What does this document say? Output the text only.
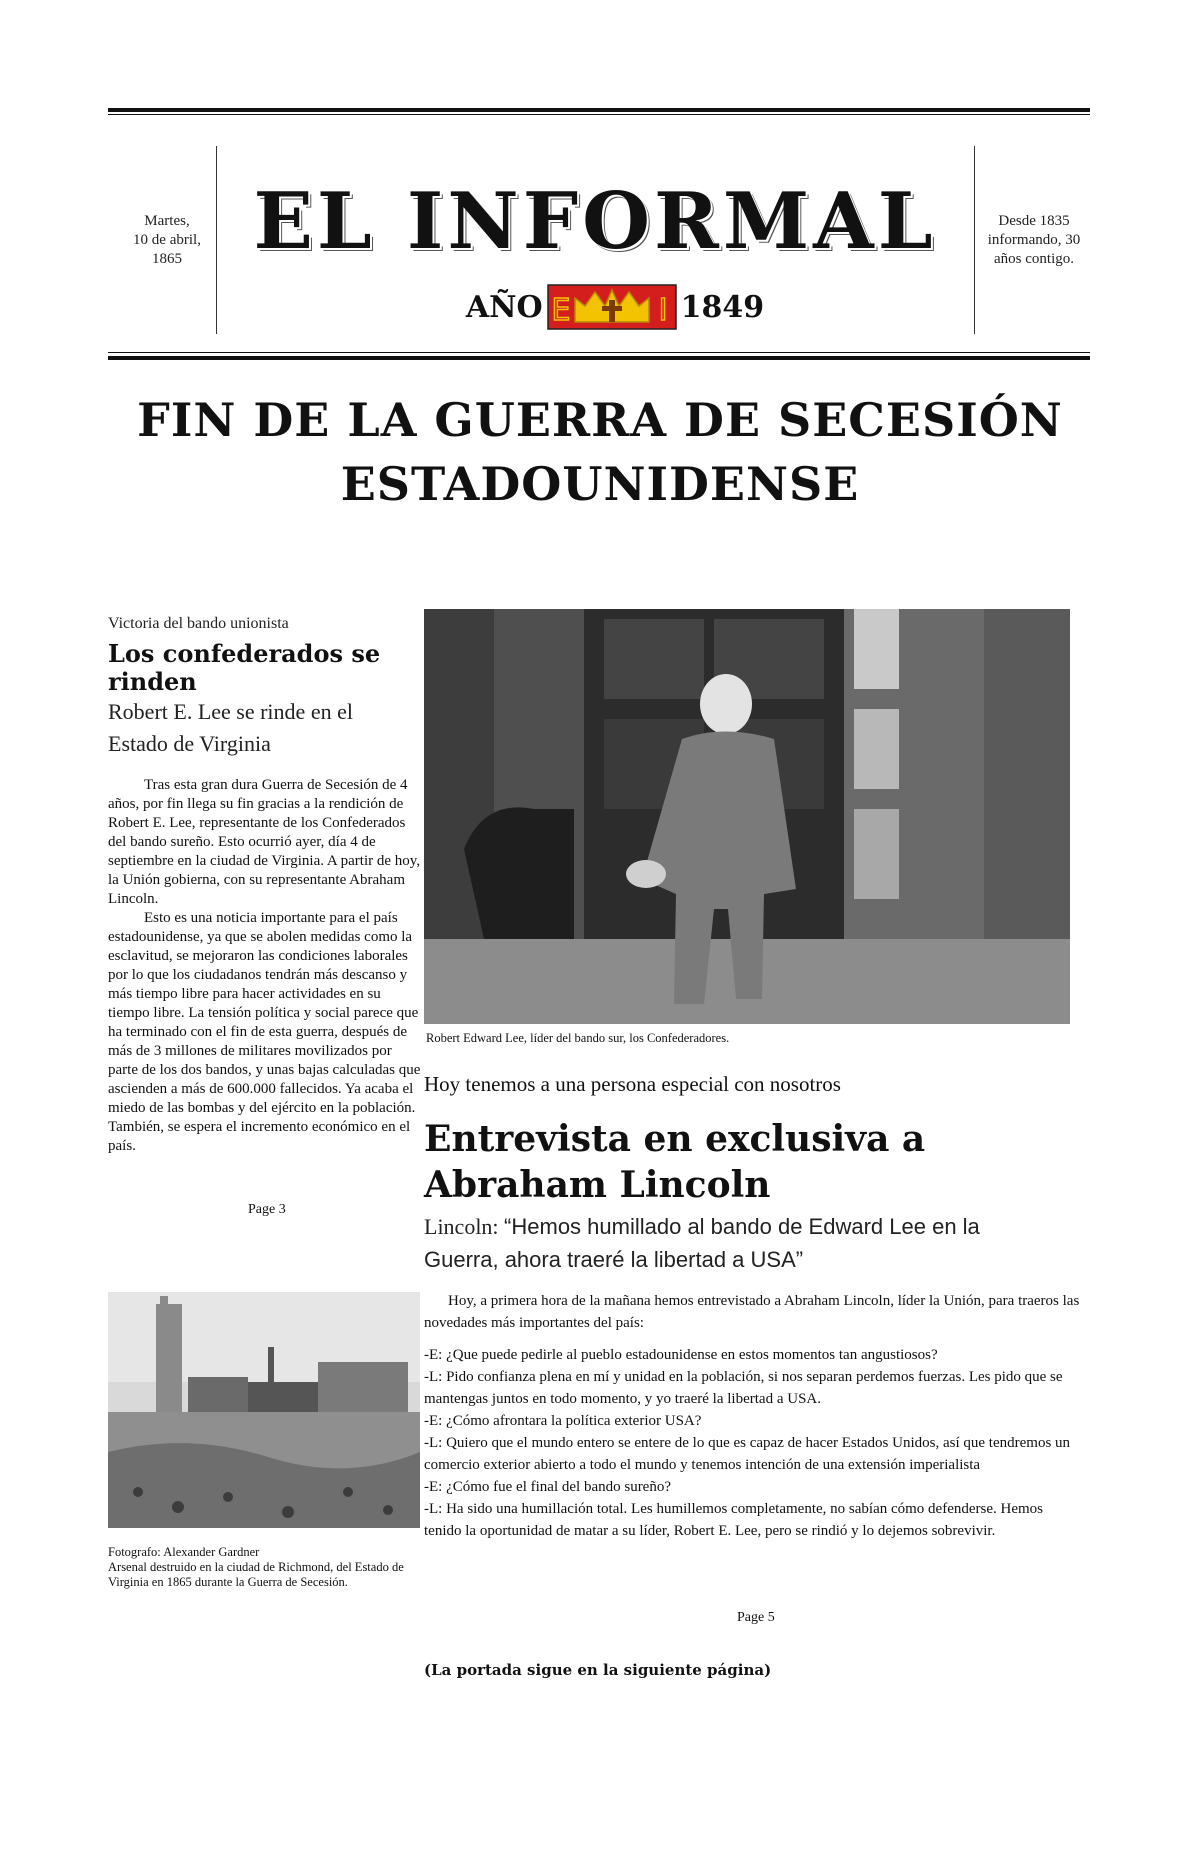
Martes,
10 de abril,
1865 EL INFORMAL
AÑO E	I 1849
Desde 1835
informando, 30
años contigo.
FIN DE LA GUERRA DE SECESIÓN
ESTADOUNIDENSE
Victoria del bando unionista
Los confederados se
rinden
Robert E. Lee se rinde en el
Estado de Virginia

Tras esta gran dura Guerra de Secesión de 4 años, por fin llega su fin gracias a la rendición de Robert E. Lee, representante de los Confederados del bando sureño. Esto ocurrió ayer, día 4 de septiembre en la ciudad de Virginia. A partir de hoy, la Unión gobierna, con su representante Abraham Lincoln.

Esto es una noticia importante para el país estadounidense, ya que se abolen medidas como la esclavitud, se mejoraron las condiciones laborales por lo que los ciudadanos tendrán más descanso y más tiempo libre para hacer actividades en su tiempo libre. La tensión política y social parece que ha terminado con el fin de esta guerra, después de más de 3 millones de militares movilizados por parte de los dos bandos, y unas bajas calculadas que ascienden a más de 600.000 fallecidos. Ya acaba el miedo de las bombas y del ejército en la población. También, se espera el incremento económico en el país.

Page 3
Robert Edward Lee, líder del bando sur, los Confederadores.
Hoy tenemos a una persona especial con nosotros
Entrevista en exclusiva a
Abraham Lincoln
Lincoln: “Hemos humillado al bando de Edward Lee en la Guerra, ahora traeré la libertad a USA”

Hoy, a primera hora de la mañana hemos entrevistado a Abraham Lincoln, líder la Unión, para traeros las novedades más importantes del país:

-E: ¿Que puede pedirle al pueblo estadounidense en estos momentos tan angustiosos?

-L: Pido confianza plena en mí y unidad en la población, si nos separan perdemos fuerzas. Les pido que se mantengas juntos en todo momento, y yo traeré la libertad a USA.

-E: ¿Cómo afrontara la política exterior USA?

-L: Quiero que el mundo entero se entere de lo que es capaz de hacer Estados Unidos, así que tendremos un comercio exterior abierto a todo el mundo y tenemos intención de una extensión imperialista

-E: ¿Cómo fue el final del bando sureño?

-L: Ha sido una humillación total. Les humillemos completamente, no sabían cómo defenderse. Hemos tenido la oportunidad de matar a su líder, Robert E. Lee, pero se rindió y lo dejemos sobrevivir.

Page 5
Fotografo: Alexander Gardner
Arsenal destruido en la ciudad de Richmond, del Estado de Virginia en 1865 durante la Guerra de Secesión.
(La portada sigue en la siguiente página)
